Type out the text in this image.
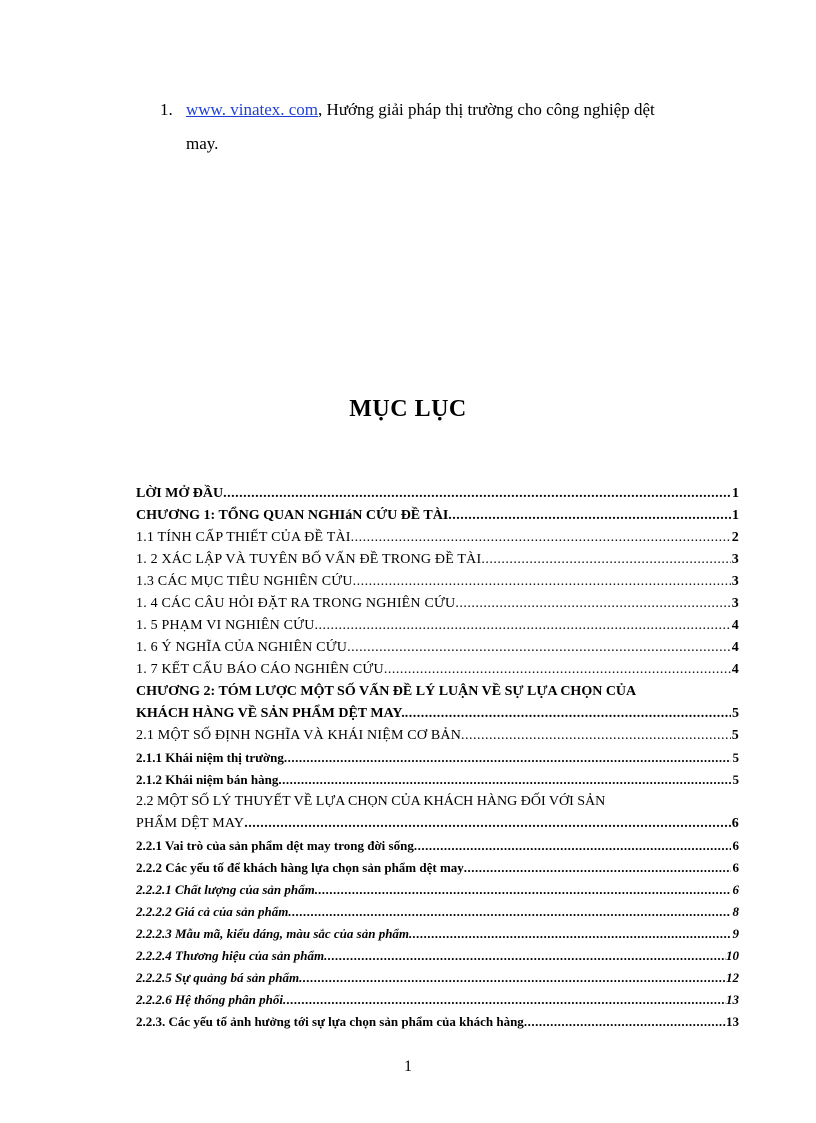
1. www. vinatex. com, Hướng giải pháp thị trường cho công nghiệp dệt
may.
MỤC LỤC
LỜI MỞ ĐẦU .....	1
CHƯƠNG 1: TỔNG QUAN NGHIáN CỨU ĐỀ TÀI .....	1
1.1 TÍNH CẤP THIẾT CỦA ĐỀ TÀI .....	2
1. 2 XÁC LẬP VÀ TUYÊN BỐ VẤN ĐỀ TRONG ĐỀ TÀI .....	3
1.3 CÁC MỤC TIÊU NGHIÊN CỨU .....	3
1. 4 CÁC CÂU HỎI ĐẶT RA TRONG NGHIÊN CỨU .....	3
1. 5 PHẠM VI NGHIÊN CỨU .....	4
1. 6 Ý NGHĨA CỦA NGHIÊN CỨU .....	4
1. 7 KẾT CẤU BÁO CÁO NGHIÊN CỨU .....	4
CHƯƠNG 2: TÓM LƯỢC MỘT SỐ VẤN ĐỀ LÝ LUẬN VỀ SỰ LỰA CHỌN CỦA
KHÁCH HÀNG VỀ SẢN PHẨM DỆT MAY. .....	5
2.1 MỘT SỐ ĐỊNH NGHĨA VÀ KHÁI NIỆM CƠ BẢN .....	5
2.1.1 Khái niệm thị trường .....	5
2.1.2 Khái niệm bán hàng .....	5
2.2 MỘT SỐ LÝ THUYẾT VỀ LỰA CHỌN CỦA KHÁCH HÀNG ĐỐI VỚI SẢN
PHẨM DỆT MAY .....	6
2.2.1 Vai trò của sản phẩm dệt may trong đời sống .....	6
2.2.2 Các yếu tố để khách hàng lựa chọn sản phẩm dệt may .....	6
2.2.2.1 Chất lượng của sản phẩm .....	6
2.2.2.2 Giá cả của sản phẩm .....	8
2.2.2.3 Mẫu mã, kiểu dáng, màu sắc của sản phẩm .....	9
2.2.2.4 Thương hiệu của sản phẩm .....	10
2.2.2.5 Sự quảng bá sản phẩm .....	12
2.2.2.6 Hệ thống phân phối .....	13
2.2.3. Các yếu tố ảnh hưởng tới sự lựa chọn sản phẩm của khách hàng .....	13
1
